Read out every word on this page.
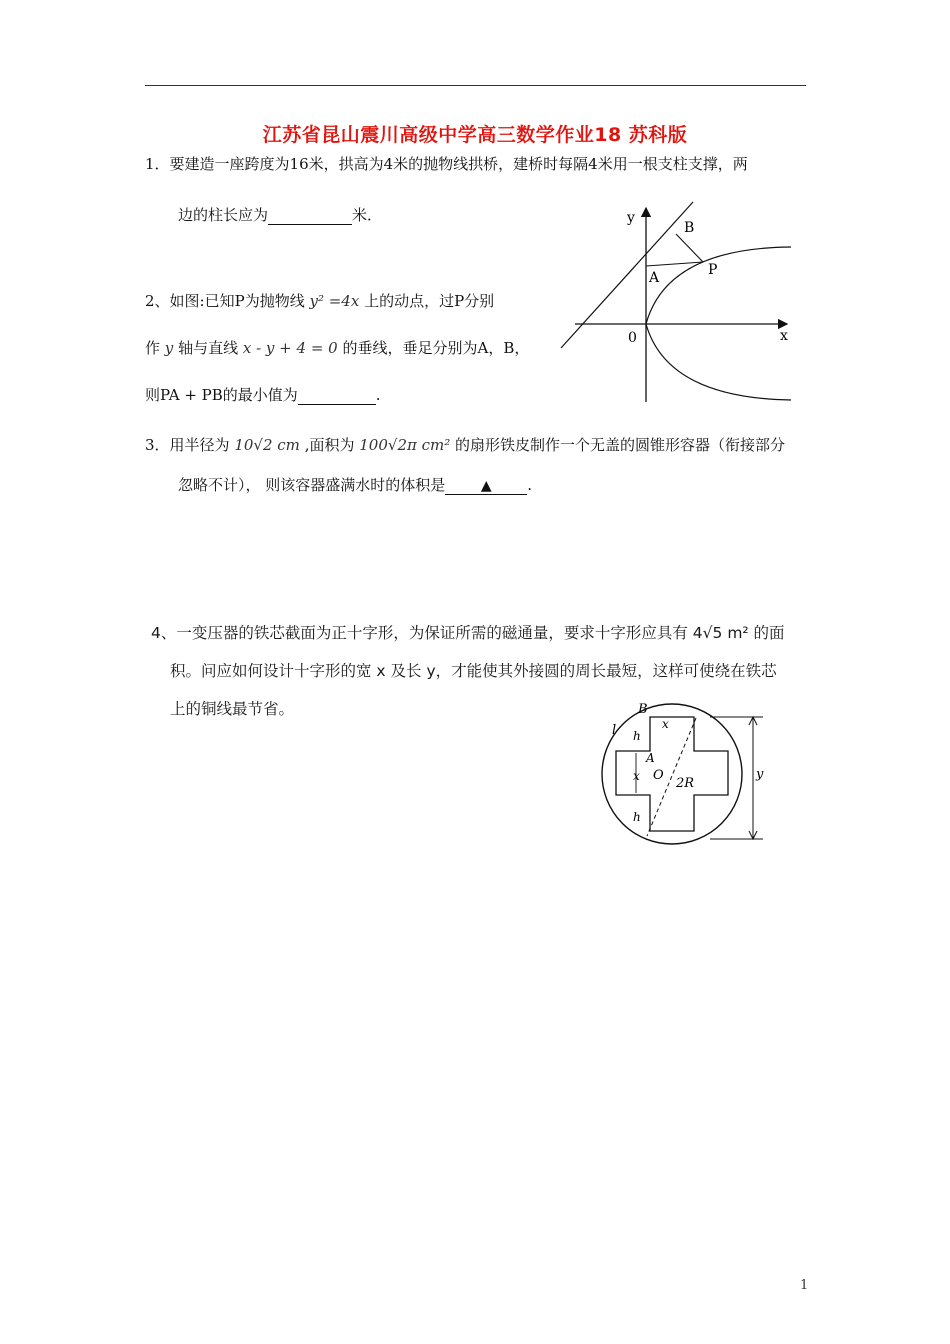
江苏省昆山震川高级中学高三数学作业18 苏科版
1．要建造一座跨度为16米，拱高为4米的抛物线拱桥，建桥时每隔4米用一根支柱支撑，两
边的柱长应为	米．
2、如图:已知P为抛物线 y² =4x 上的动点，过P分别
作 y 轴与直线 x - y + 4 = 0 的垂线，垂足分别为A，B，
则PA + PB的最小值为	.
y
x
0
A
B
P
3．用半径为 10√2 cm ,面积为 100√2π cm² 的扇形铁皮制作一个无盖的圆锥形容器（衔接部分
忽略不计）， 则该容器盛满水时的体积是	▲ .
4、一变压器的铁芯截面为正十字形，为保证所需的磁通量，要求十字形应具有 4√5 m² 的面
积。问应如何设计十字形的宽 x 及长 y，才能使其外接圆的周长最短，这样可使绕在铁芯
上的铜线最节省。	B
x
l h
A
x O
2R
h
y
1
